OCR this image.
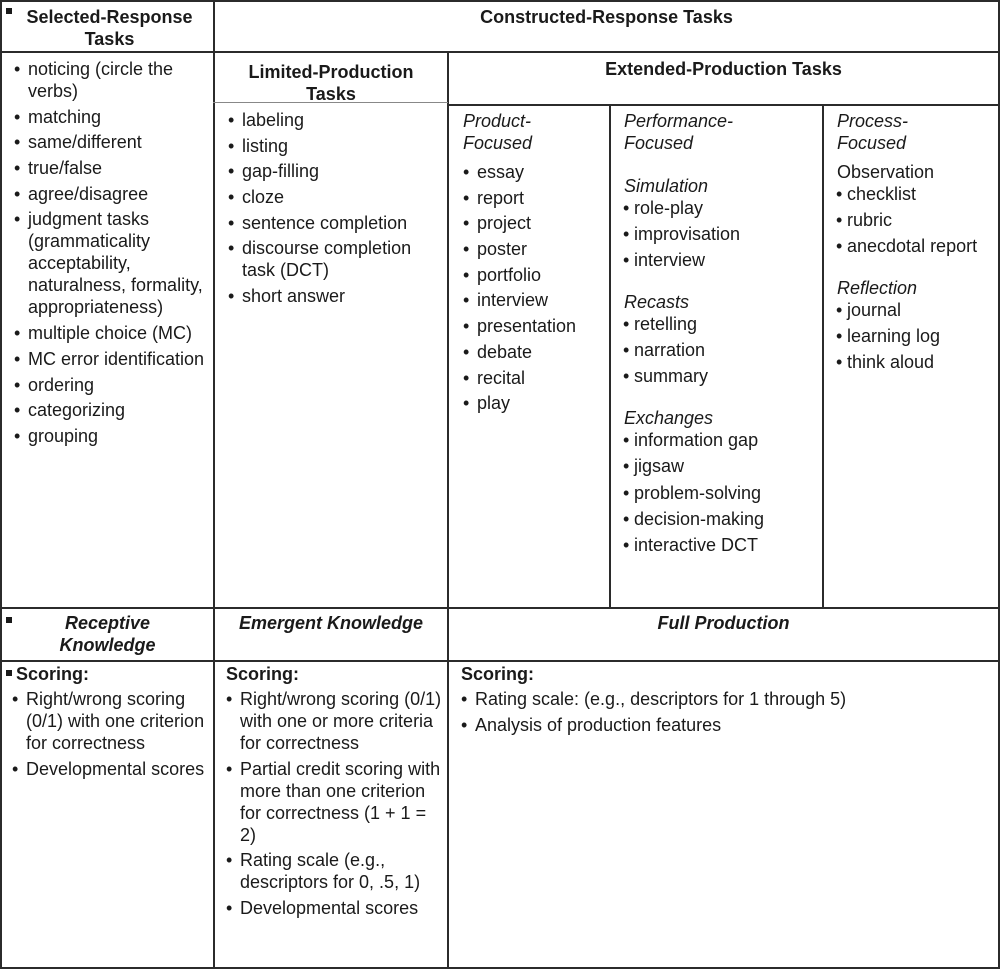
Selected-Response Tasks
Constructed-Response Tasks
Limited-Production Tasks
Extended-Production Tasks
• noticing (circle the verbs)
• matching
• same/different
• true/false
• agree/disagree
• judgment tasks (grammaticality acceptability, naturalness, formality, appropriateness)
• multiple choice (MC)
• MC error identification
• ordering
• categorizing
• grouping
• labeling
• listing
• gap-filling
• cloze
• sentence completion
• discourse completion task (DCT)
• short answer
Product-Focused
• essay
• report
• project
• poster
• portfolio
• interview
• presentation
• debate
• recital
• play
Performance-Focused
Simulation
• role-play
• improvisation
• interview
Recasts
• retelling
• narration
• summary
Exchanges
• information gap
• jigsaw
• problem-solving
• decision-making
• interactive DCT
Process-Focused
Observation
• checklist
• rubric
• anecdotal report
Reflection
• journal
• learning log
• think aloud
Receptive Knowledge
Emergent Knowledge	Full Production
Scoring:
• Right/wrong scoring (0/1) with one criterion for correctness
• Developmental scores
Scoring:
• Right/wrong scoring (0/1) with one or more criteria for correctness
• Partial credit scoring with more than one criterion for correctness (1 + 1 = 2)
• Rating scale (e.g., descriptors for 0, .5, 1)
• Developmental scores
Scoring:
• Rating scale: (e.g., descriptors for 1 through 5)
• Analysis of production features
